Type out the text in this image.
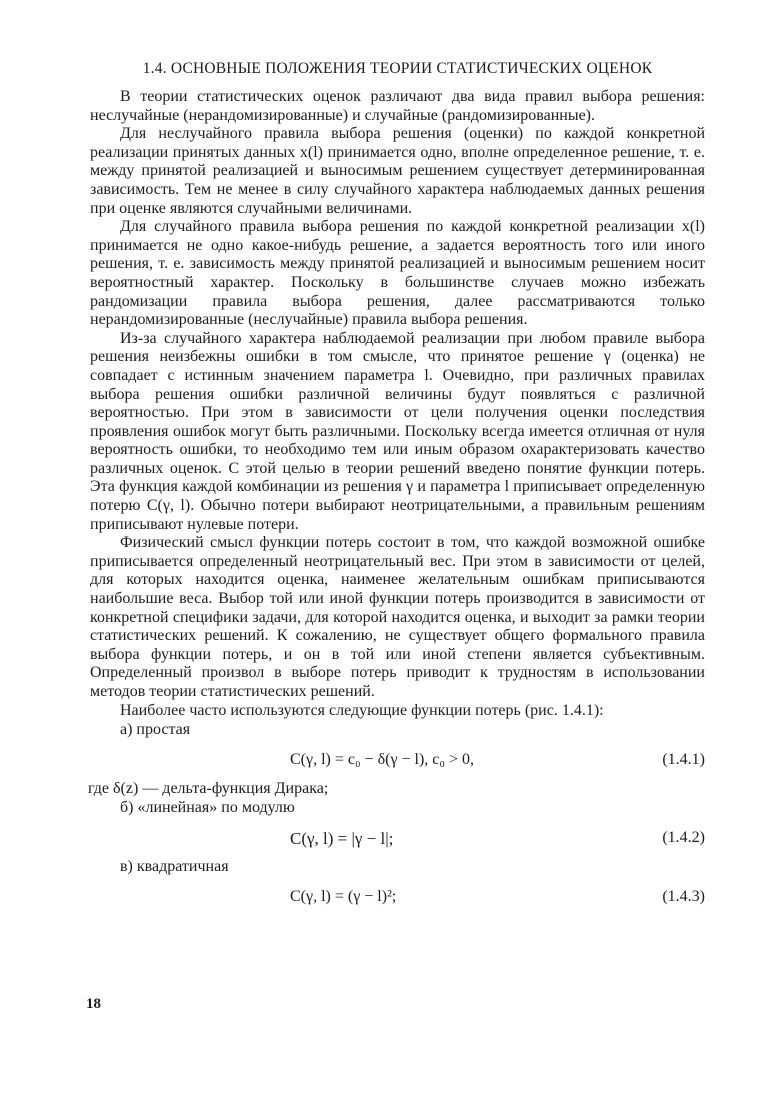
1.4. ОСНОВНЫЕ ПОЛОЖЕНИЯ ТЕОРИИ СТАТИСТИЧЕСКИХ ОЦЕНОК

В теории статистических оценок различают два вида правил выбора решения: неслучайные (нерандомизированные) и случайные (рандомизированные).

Для неслучайного правила выбора решения (оценки) по каждой конкретной реализации принятых данных x(l) принимается одно, вполне определенное решение, т. е. между принятой реализацией и выносимым решением существует детерминированная зависимость. Тем не менее в силу случайного характера наблюдаемых данных решения при оценке являются случайными величинами.

Для случайного правила выбора решения по каждой конкретной реализации x(l) принимается не одно какое-нибудь решение, а задается вероятность того или иного решения, т. е. зависимость между принятой реализацией и выносимым решением носит вероятностный характер. Поскольку в большинстве случаев можно избежать рандомизации правила выбора решения, далее рассматриваются только нерандомизированные (неслучайные) правила выбора решения.

Из-за случайного характера наблюдаемой реализации при любом правиле выбора решения неизбежны ошибки в том смысле, что принятое решение γ (оценка) не совпадает с истинным значением параметра l. Очевидно, при различных правилах выбора решения ошибки различной величины будут появляться с различной вероятностью. При этом в зависимости от цели получения оценки последствия проявления ошибок могут быть различными. Поскольку всегда имеется отличная от нуля вероятность ошибки, то необходимо тем или иным образом охарактеризовать качество различных оценок. С этой целью в теории решений введено понятие функции потерь. Эта функция каждой комбинации из решения γ и параметра l приписывает определенную потерю C(γ, l). Обычно потери выбирают неотрицательными, а правильным решениям приписывают нулевые потери.

Физический смысл функции потерь состоит в том, что каждой возможной ошибке приписывается определенный неотрицательный вес. При этом в зависимости от целей, для которых находится оценка, наименее желательным ошибкам приписываются наибольшие веса. Выбор той или иной функции потерь производится в зависимости от конкретной специфики задачи, для которой находится оценка, и выходит за рамки теории статистических решений. К сожалению, не существует общего формального правила выбора функции потерь, и он в той или иной степени является субъективным. Определенный произвол в выборе потерь приводит к трудностям в использовании методов теории статистических решений.

Наиболее часто используются следующие функции потерь (рис. 1.4.1):

а) простая
C(γ, l) = c₀ − δ(γ − l), c₀ > 0,	(1.4.1)
где δ(z) — дельта-функция Дирака;
б) «линейная» по модулю
C(γ, l) = |γ − l|;	(1.4.2)
в) квадратичная
C(γ, l) = (γ − l)²;	(1.4.3)
18
